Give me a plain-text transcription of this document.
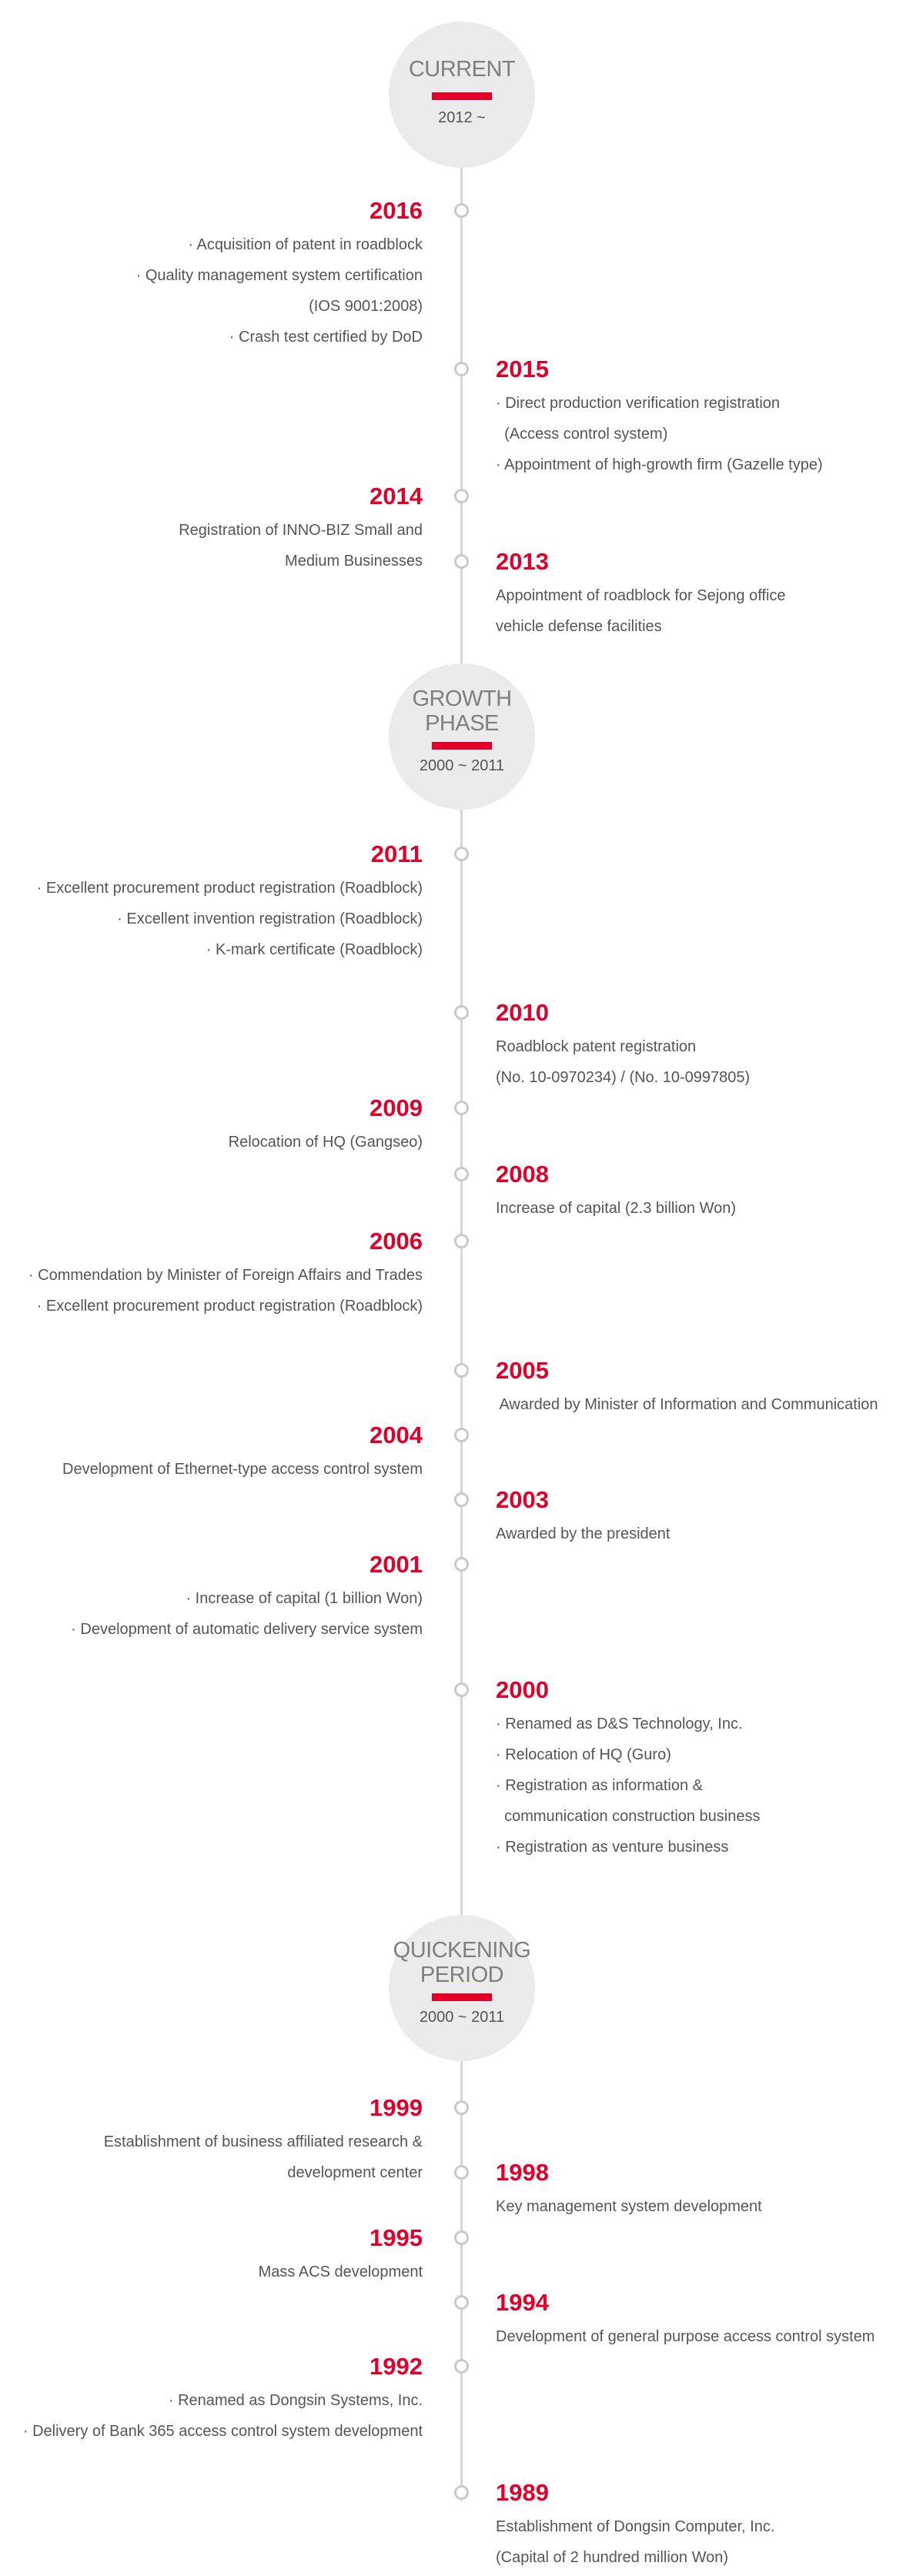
CURRENT
2012 ~
GROWTH
PHASE
2000 ~ 2011
QUICKENING
PERIOD
2000 ~ 2011
2016
· Acquisition of patent in roadblock
· Quality management system certification
(IOS 9001:2008)
· Crash test certified by DoD
2015
· Direct production verification registration
(Access control system)
· Appointment of high-growth firm (Gazelle type)
2014
Registration of INNO-BIZ Small and
Medium Businesses	2013
Appointment of roadblock for Sejong office
vehicle defense facilities
2011
· Excellent procurement product registration (Roadblock)
· Excellent invention registration (Roadblock)
· K-mark certificate (Roadblock)
2010
Roadblock patent registration
(No. 10-0970234) / (No. 10-0997805)
2009
Relocation of HQ (Gangseo)
2008
Increase of capital (2.3 billion Won)
2006
· Commendation by Minister of Foreign Affairs and Trades
· Excellent procurement product registration (Roadblock)
2005
Awarded by Minister of Information and Communication
2004
Development of Ethernet-type access control system
2003
Awarded by the president
2001
· Increase of capital (1 billion Won)
· Development of automatic delivery service system
2000
· Renamed as D&S Technology, Inc.
· Relocation of HQ (Guro)
· Registration as information &
communication construction business
· Registration as venture business
1999
Establishment of business affiliated research &
development center	1998
Key management system development
1995
Mass ACS development
1994
Development of general purpose access control system
1992
· Renamed as Dongsin Systems, Inc.
· Delivery of Bank 365 access control system development
1989
Establishment of Dongsin Computer, Inc.
(Capital of 2 hundred million Won)
